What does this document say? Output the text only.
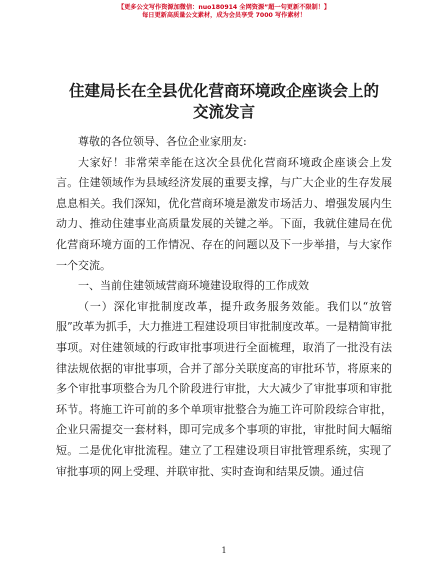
【更多公文写作资源加微信：nuo180914 全网资源”超一句更新不限制！】
每日更新高质量公文素材，成为会员享受 7000 写作素材！
住建局长在全县优化营商环境政企座谈会上的
交流发言

尊敬的各位领导、各位企业家朋友:

大家好！非常荣幸能在这次全县优化营商环境政企座谈会上发言。住建领域作为县域经济发展的重要支撑，与广大企业的生存发展息息相关。我们深知，优化营商环境是激发市场活力、增强发展内生动力、推动住建事业高质量发展的关键之举。下面，我就住建局在优化营商环境方面的工作情况、存在的问题以及下一步举措，与大家作一个交流。

一、当前住建领域营商环境建设取得的工作成效

（一）深化审批制度改革，提升政务服务效能。我们以“放管服”改革为抓手，大力推进工程建设项目审批制度改革。一是精简审批事项。对住建领域的行政审批事项进行全面梳理，取消了一批没有法律法规依据的审批事项，合并了部分关联度高的审批环节，将原来的多个审批事项整合为几个阶段进行审批，大大减少了审批事项和审批环节。将施工许可前的多个单项审批整合为施工许可阶段综合审批，企业只需提交一套材料，即可完成多个事项的审批，审批时间大幅缩短。二是优化审批流程。建立了工程建设项目审批管理系统，实现了审批事项的网上受理、并联审批、实时查询和结果反馈。通过信

1
